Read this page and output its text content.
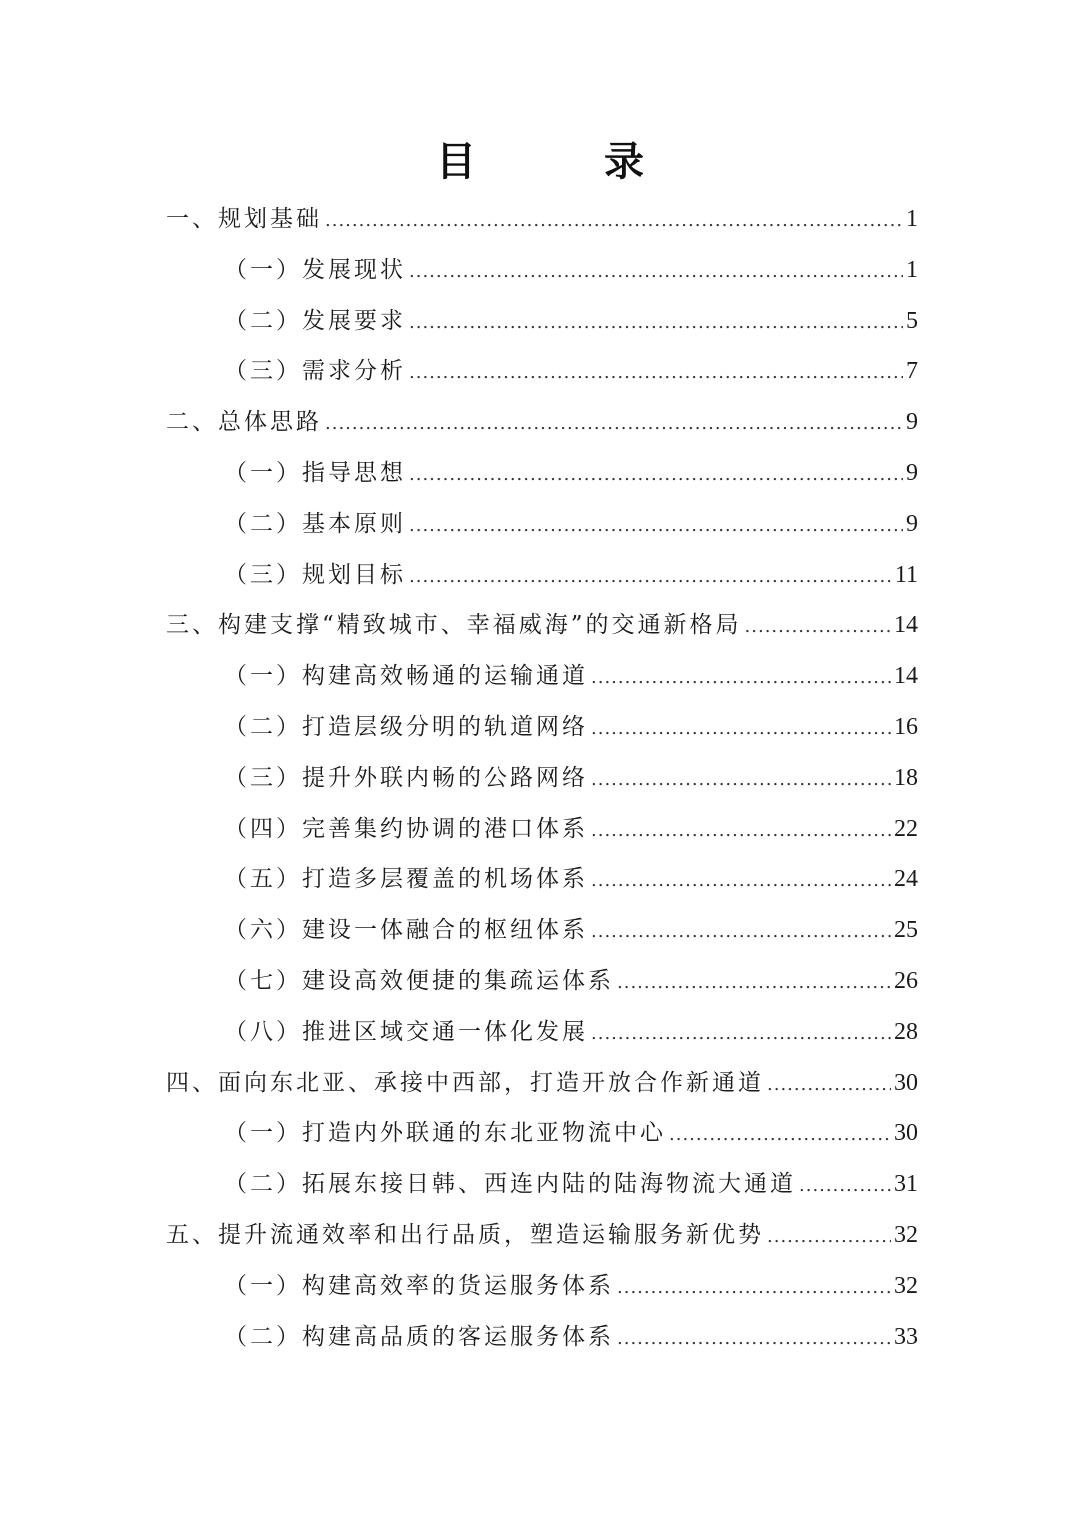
目　录
一、规划基础 .....	1
（一）发展现状 .....	1
（二）发展要求 .....	5
（三）需求分析 .....	7
二、总体思路 .....	9
（一）指导思想 .....	9
（二）基本原则 .....	9
（三）规划目标 .....	11
三、构建支撑“精致城市、幸福威海”的交通新格局 .....	14
（一）构建高效畅通的运输通道 .....	14
（二）打造层级分明的轨道网络 .....	16
（三）提升外联内畅的公路网络 .....	18
（四）完善集约协调的港口体系 .....	22
（五）打造多层覆盖的机场体系 .....	24
（六）建设一体融合的枢纽体系 .....	25
（七）建设高效便捷的集疏运体系 .....	26
（八）推进区域交通一体化发展 .....	28
四、面向东北亚、承接中西部，打造开放合作新通道 .....	30
（一）打造内外联通的东北亚物流中心 .....	30
（二）拓展东接日韩、西连内陆的陆海物流大通道 .....	31
五、提升流通效率和出行品质，塑造运输服务新优势 .....	32
（一）构建高效率的货运服务体系 .....	32
（二）构建高品质的客运服务体系 .....	33
